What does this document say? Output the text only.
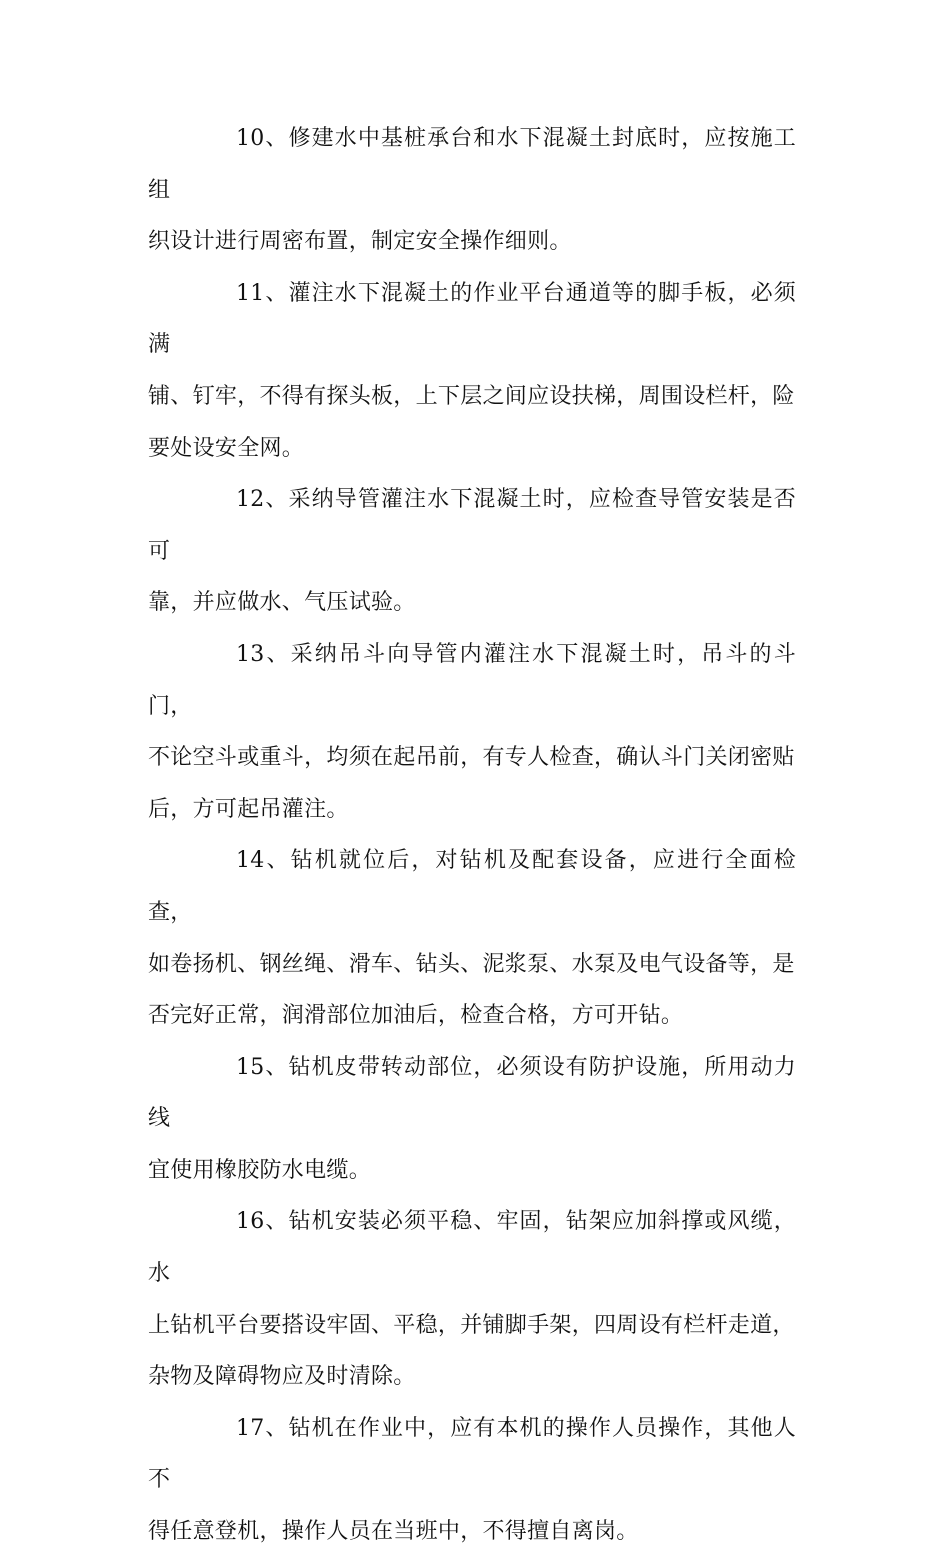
10、修建水中基桩承台和水下混凝土封底时，应按施工组
织设计进行周密布置，制定安全操作细则。

11、灌注水下混凝土的作业平台通道等的脚手板，必须满
铺、钉牢，不得有探头板，上下层之间应设扶梯，周围设栏杆，险
要处设安全网。

12、采纳导管灌注水下混凝土时，应检查导管安装是否可
靠，并应做水、气压试验。

13、采纳吊斗向导管内灌注水下混凝土时，吊斗的斗门，
不论空斗或重斗，均须在起吊前，有专人检查，确认斗门关闭密贴
后，方可起吊灌注。

14、钻机就位后，对钻机及配套设备，应进行全面检查，
如卷扬机、钢丝绳、滑车、钻头、泥浆泵、水泵及电气设备等，是
否完好正常，润滑部位加油后，检查合格，方可开钻。

15、钻机皮带转动部位，必须设有防护设施，所用动力线
宜使用橡胶防水电缆。

16、钻机安装必须平稳、牢固，钻架应加斜撑或风缆，水
上钻机平台要搭设牢固、平稳，并铺脚手架，四周设有栏杆走道，
杂物及障碍物应及时清除。

17、钻机在作业中，应有本机的操作人员操作，其他人不
得任意登机，操作人员在当班中，不得擅自离岗。
